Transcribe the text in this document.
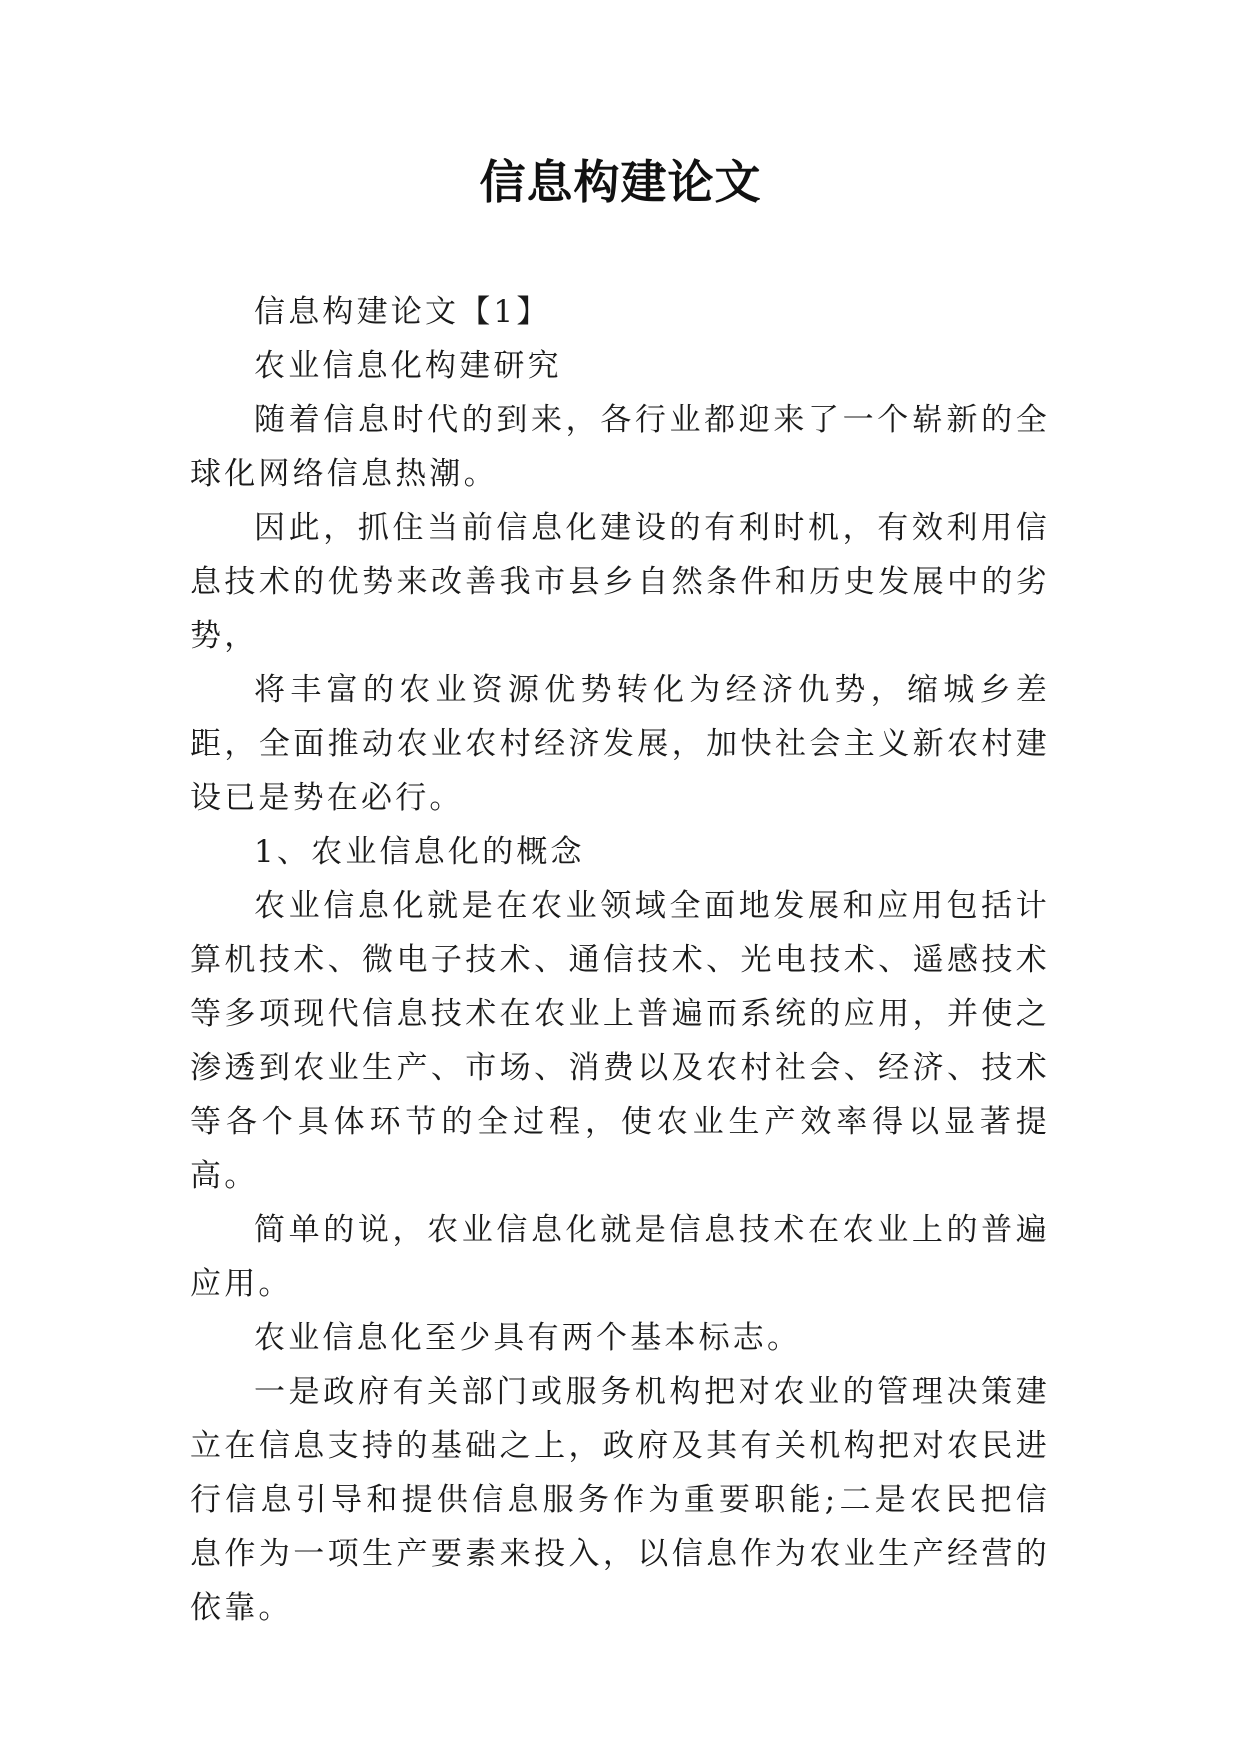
信息构建论文

信息构建论文【1】

农业信息化构建研究

随着信息时代的到来，各行业都迎来了一个崭新的全球化网络信息热潮。

因此，抓住当前信息化建设的有利时机，有效利用信息技术的优势来改善我市县乡自然条件和历史发展中的劣势，

将丰富的农业资源优势转化为经济仇势，缩城乡差距，全面推动农业农村经济发展，加快社会主义新农村建设已是势在必行。

1、农业信息化的概念

农业信息化就是在农业领域全面地发展和应用包括计算机技术、微电子技术、通信技术、光电技术、遥感技术等多项现代信息技术在农业上普遍而系统的应用，并使之渗透到农业生产、市场、消费以及农村社会、经济、技术等各个具体环节的全过程，使农业生产效率得以显著提高。

简单的说，农业信息化就是信息技术在农业上的普遍应用。

农业信息化至少具有两个基本标志。

一是政府有关部门或服务机构把对农业的管理决策建立在信息支持的基础之上，政府及其有关机构把对农民进行信息引导和提供信息服务作为重要职能;二是农民把信息作为一项生产要素来投入，以信息作为农业生产经营的依靠。
